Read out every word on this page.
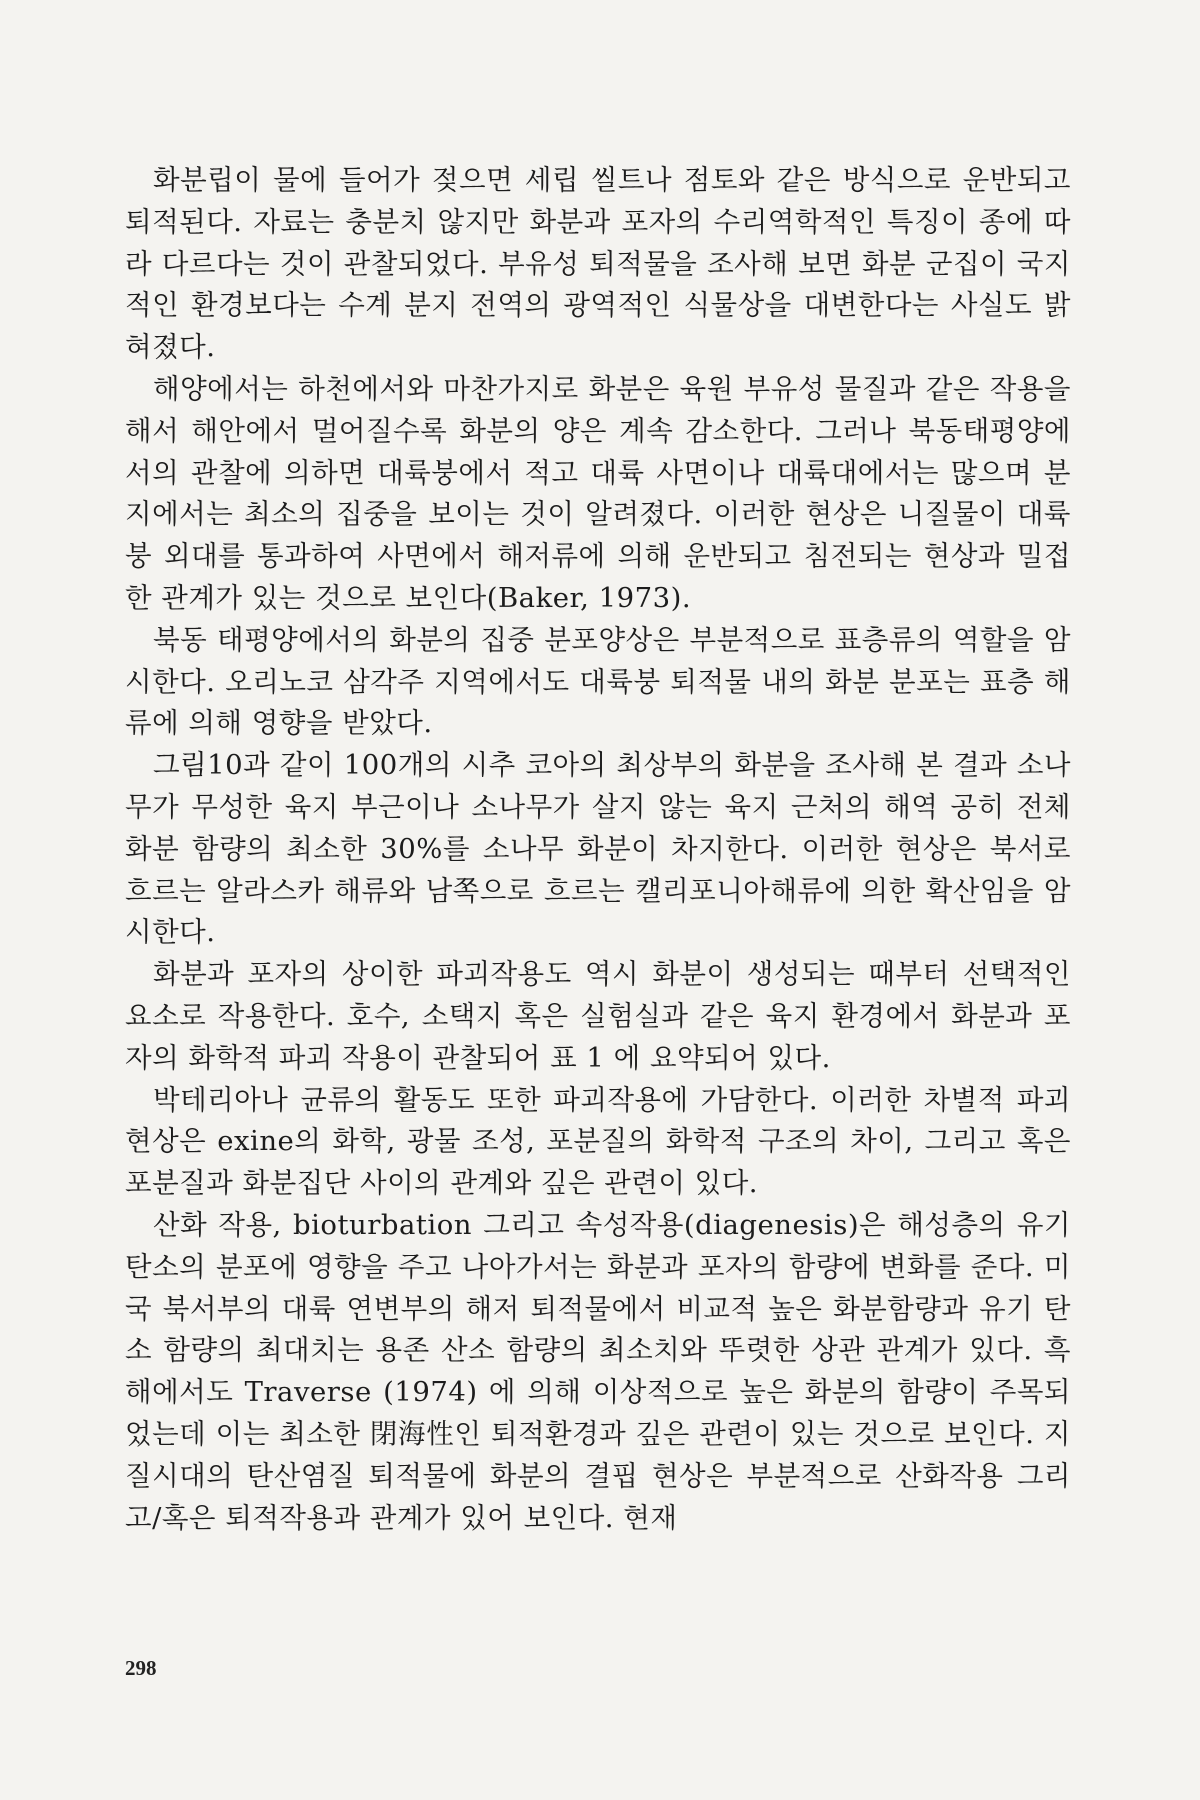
화분립이 물에 들어가 젖으면 세립 씰트나 점토와 같은 방식으로 운반되고 퇴적된다. 자료는 충분치 않지만 화분과 포자의 수리역학적인 특징이 종에 따라 다르다는 것이 관찰되었다. 부유성 퇴적물을 조사해 보면 화분 군집이 국지적인 환경보다는 수계 분지 전역의 광역적인 식물상을 대변한다는 사실도 밝혀졌다.

해양에서는 하천에서와 마찬가지로 화분은 육원 부유성 물질과 같은 작용을 해서 해안에서 멀어질수록 화분의 양은 계속 감소한다. 그러나 북동태평양에서의 관찰에 의하면 대륙붕에서 적고 대륙 사면이나 대륙대에서는 많으며 분지에서는 최소의 집중을 보이는 것이 알려졌다. 이러한 현상은 니질물이 대륙붕 외대를 통과하여 사면에서 해저류에 의해 운반되고 침전되는 현상과 밀접한 관계가 있는 것으로 보인다(Baker, 1973).

북동 태평양에서의 화분의 집중 분포양상은 부분적으로 표층류의 역할을 암시한다. 오리노코 삼각주 지역에서도 대륙붕 퇴적물 내의 화분 분포는 표층 해류에 의해 영향을 받았다.

그림10과 같이 100개의 시추 코아의 최상부의 화분을 조사해 본 결과 소나무가 무성한 육지 부근이나 소나무가 살지 않는 육지 근처의 해역 공히 전체 화분 함량의 최소한 30%를 소나무 화분이 차지한다. 이러한 현상은 북서로 흐르는 알라스카 해류와 남쪽으로 흐르는 캘리포니아해류에 의한 확산임을 암시한다.

화분과 포자의 상이한 파괴작용도 역시 화분이 생성되는 때부터 선택적인 요소로 작용한다. 호수, 소택지 혹은 실험실과 같은 육지 환경에서 화분과 포자의 화학적 파괴 작용이 관찰되어 표 1 에 요약되어 있다.

박테리아나 균류의 활동도 또한 파괴작용에 가담한다. 이러한 차별적 파괴 현상은 exine의 화학, 광물 조성, 포분질의 화학적 구조의 차이, 그리고 혹은 포분질과 화분집단 사이의 관계와 깊은 관련이 있다.

산화 작용, bioturbation 그리고 속성작용(diagenesis)은 해성층의 유기탄소의 분포에 영향을 주고 나아가서는 화분과 포자의 함량에 변화를 준다. 미국 북서부의 대륙 연변부의 해저 퇴적물에서 비교적 높은 화분함량과 유기 탄소 함량의 최대치는 용존 산소 함량의 최소치와 뚜렷한 상관 관계가 있다. 흑해에서도 Traverse (1974) 에 의해 이상적으로 높은 화분의 함량이 주목되었는데 이는 최소한 閉海性인 퇴적환경과 깊은 관련이 있는 것으로 보인다. 지질시대의 탄산염질 퇴적물에 화분의 결핍 현상은 부분적으로 산화작용 그리고/혹은 퇴적작용과 관계가 있어 보인다. 현재

298
